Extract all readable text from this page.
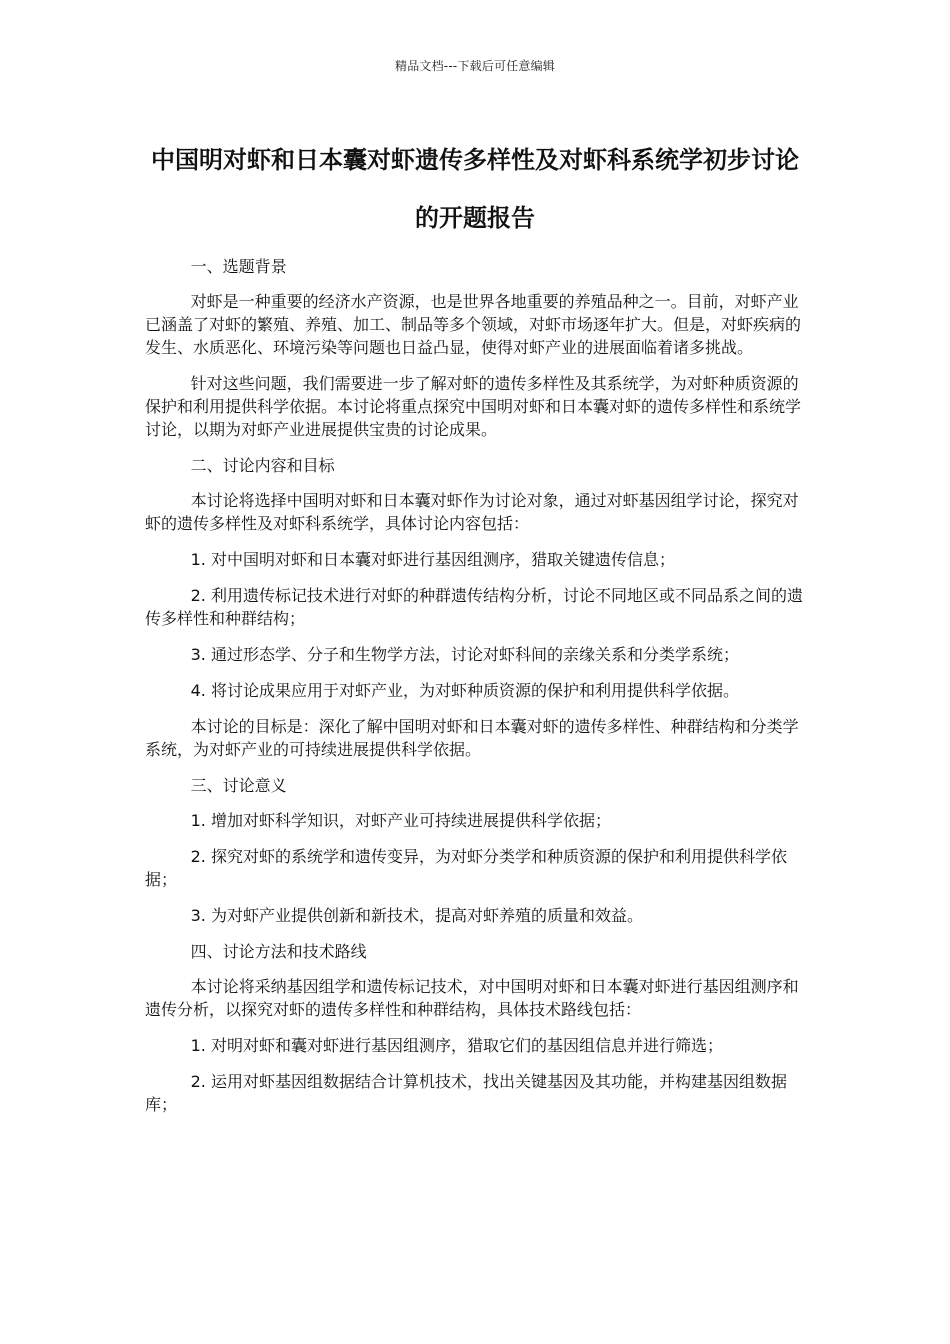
精品文档---下载后可任意编辑
中国明对虾和日本囊对虾遗传多样性及对虾科系统学初步讨论的开题报告

一、选题背景

对虾是一种重要的经济水产资源，也是世界各地重要的养殖品种之一。目前，对虾产业已涵盖了对虾的繁殖、养殖、加工、制品等多个领域，对虾市场逐年扩大。但是，对虾疾病的发生、水质恶化、环境污染等问题也日益凸显，使得对虾产业的进展面临着诸多挑战。

针对这些问题，我们需要进一步了解对虾的遗传多样性及其系统学，为对虾种质资源的保护和利用提供科学依据。本讨论将重点探究中国明对虾和日本囊对虾的遗传多样性和系统学讨论，以期为对虾产业进展提供宝贵的讨论成果。

二、讨论内容和目标

本讨论将选择中国明对虾和日本囊对虾作为讨论对象，通过对虾基因组学讨论，探究对虾的遗传多样性及对虾科系统学，具体讨论内容包括：

1. 对中国明对虾和日本囊对虾进行基因组测序，猎取关键遗传信息；

2. 利用遗传标记技术进行对虾的种群遗传结构分析，讨论不同地区或不同品系之间的遗传多样性和种群结构；

3. 通过形态学、分子和生物学方法，讨论对虾科间的亲缘关系和分类学系统；

4. 将讨论成果应用于对虾产业，为对虾种质资源的保护和利用提供科学依据。

本讨论的目标是：深化了解中国明对虾和日本囊对虾的遗传多样性、种群结构和分类学系统，为对虾产业的可持续进展提供科学依据。

三、讨论意义

1. 增加对虾科学知识，对虾产业可持续进展提供科学依据；

2. 探究对虾的系统学和遗传变异，为对虾分类学和种质资源的保护和利用提供科学依据；

3. 为对虾产业提供创新和新技术，提高对虾养殖的质量和效益。

四、讨论方法和技术路线

本讨论将采纳基因组学和遗传标记技术，对中国明对虾和日本囊对虾进行基因组测序和遗传分析，以探究对虾的遗传多样性和种群结构，具体技术路线包括：

1. 对明对虾和囊对虾进行基因组测序，猎取它们的基因组信息并进行筛选；

2. 运用对虾基因组数据结合计算机技术，找出关键基因及其功能，并构建基因组数据库；
